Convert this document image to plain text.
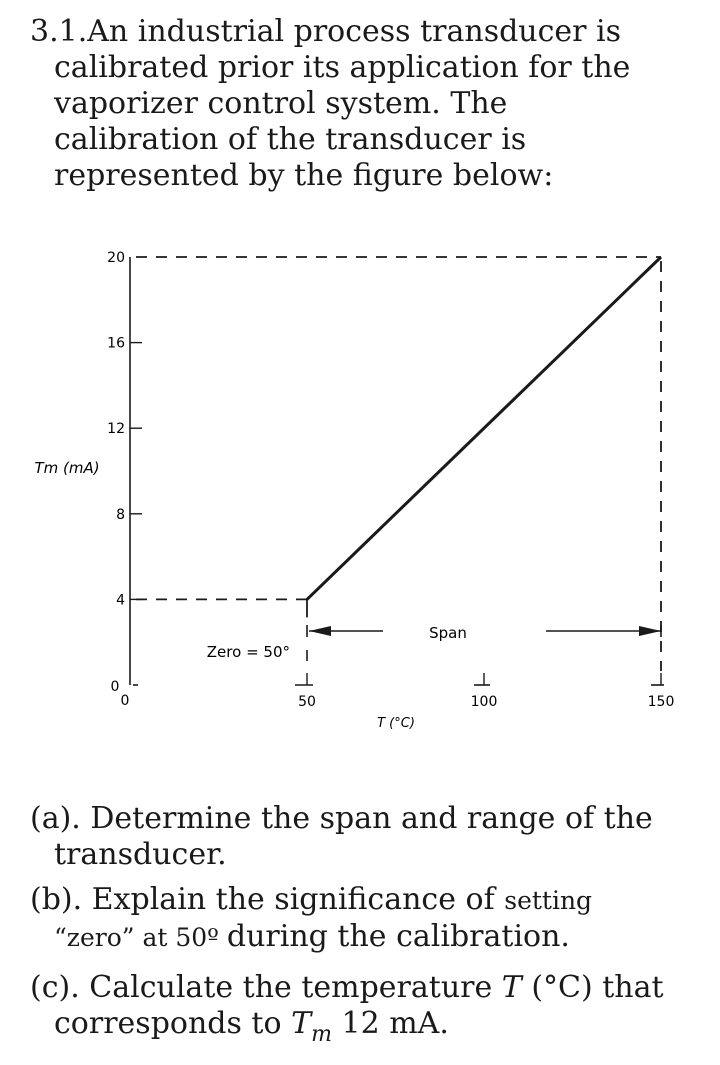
3.1.An industrial process transducer is
calibrated prior its application for the
vaporizer control system. The
calibration of the transducer is
represented by the figure below:
4
8
12
16
20
0
0	50	100	150
Span
Zero = 50°
Tm (mA)
T (°C)
(a). Determine the span and range of the
transducer.
(b). Explain the significance of setting
“zero” at 50º during the calibration.
(c). Calculate the temperature T (°C) that
corresponds to $T_m$ 12 mA.
